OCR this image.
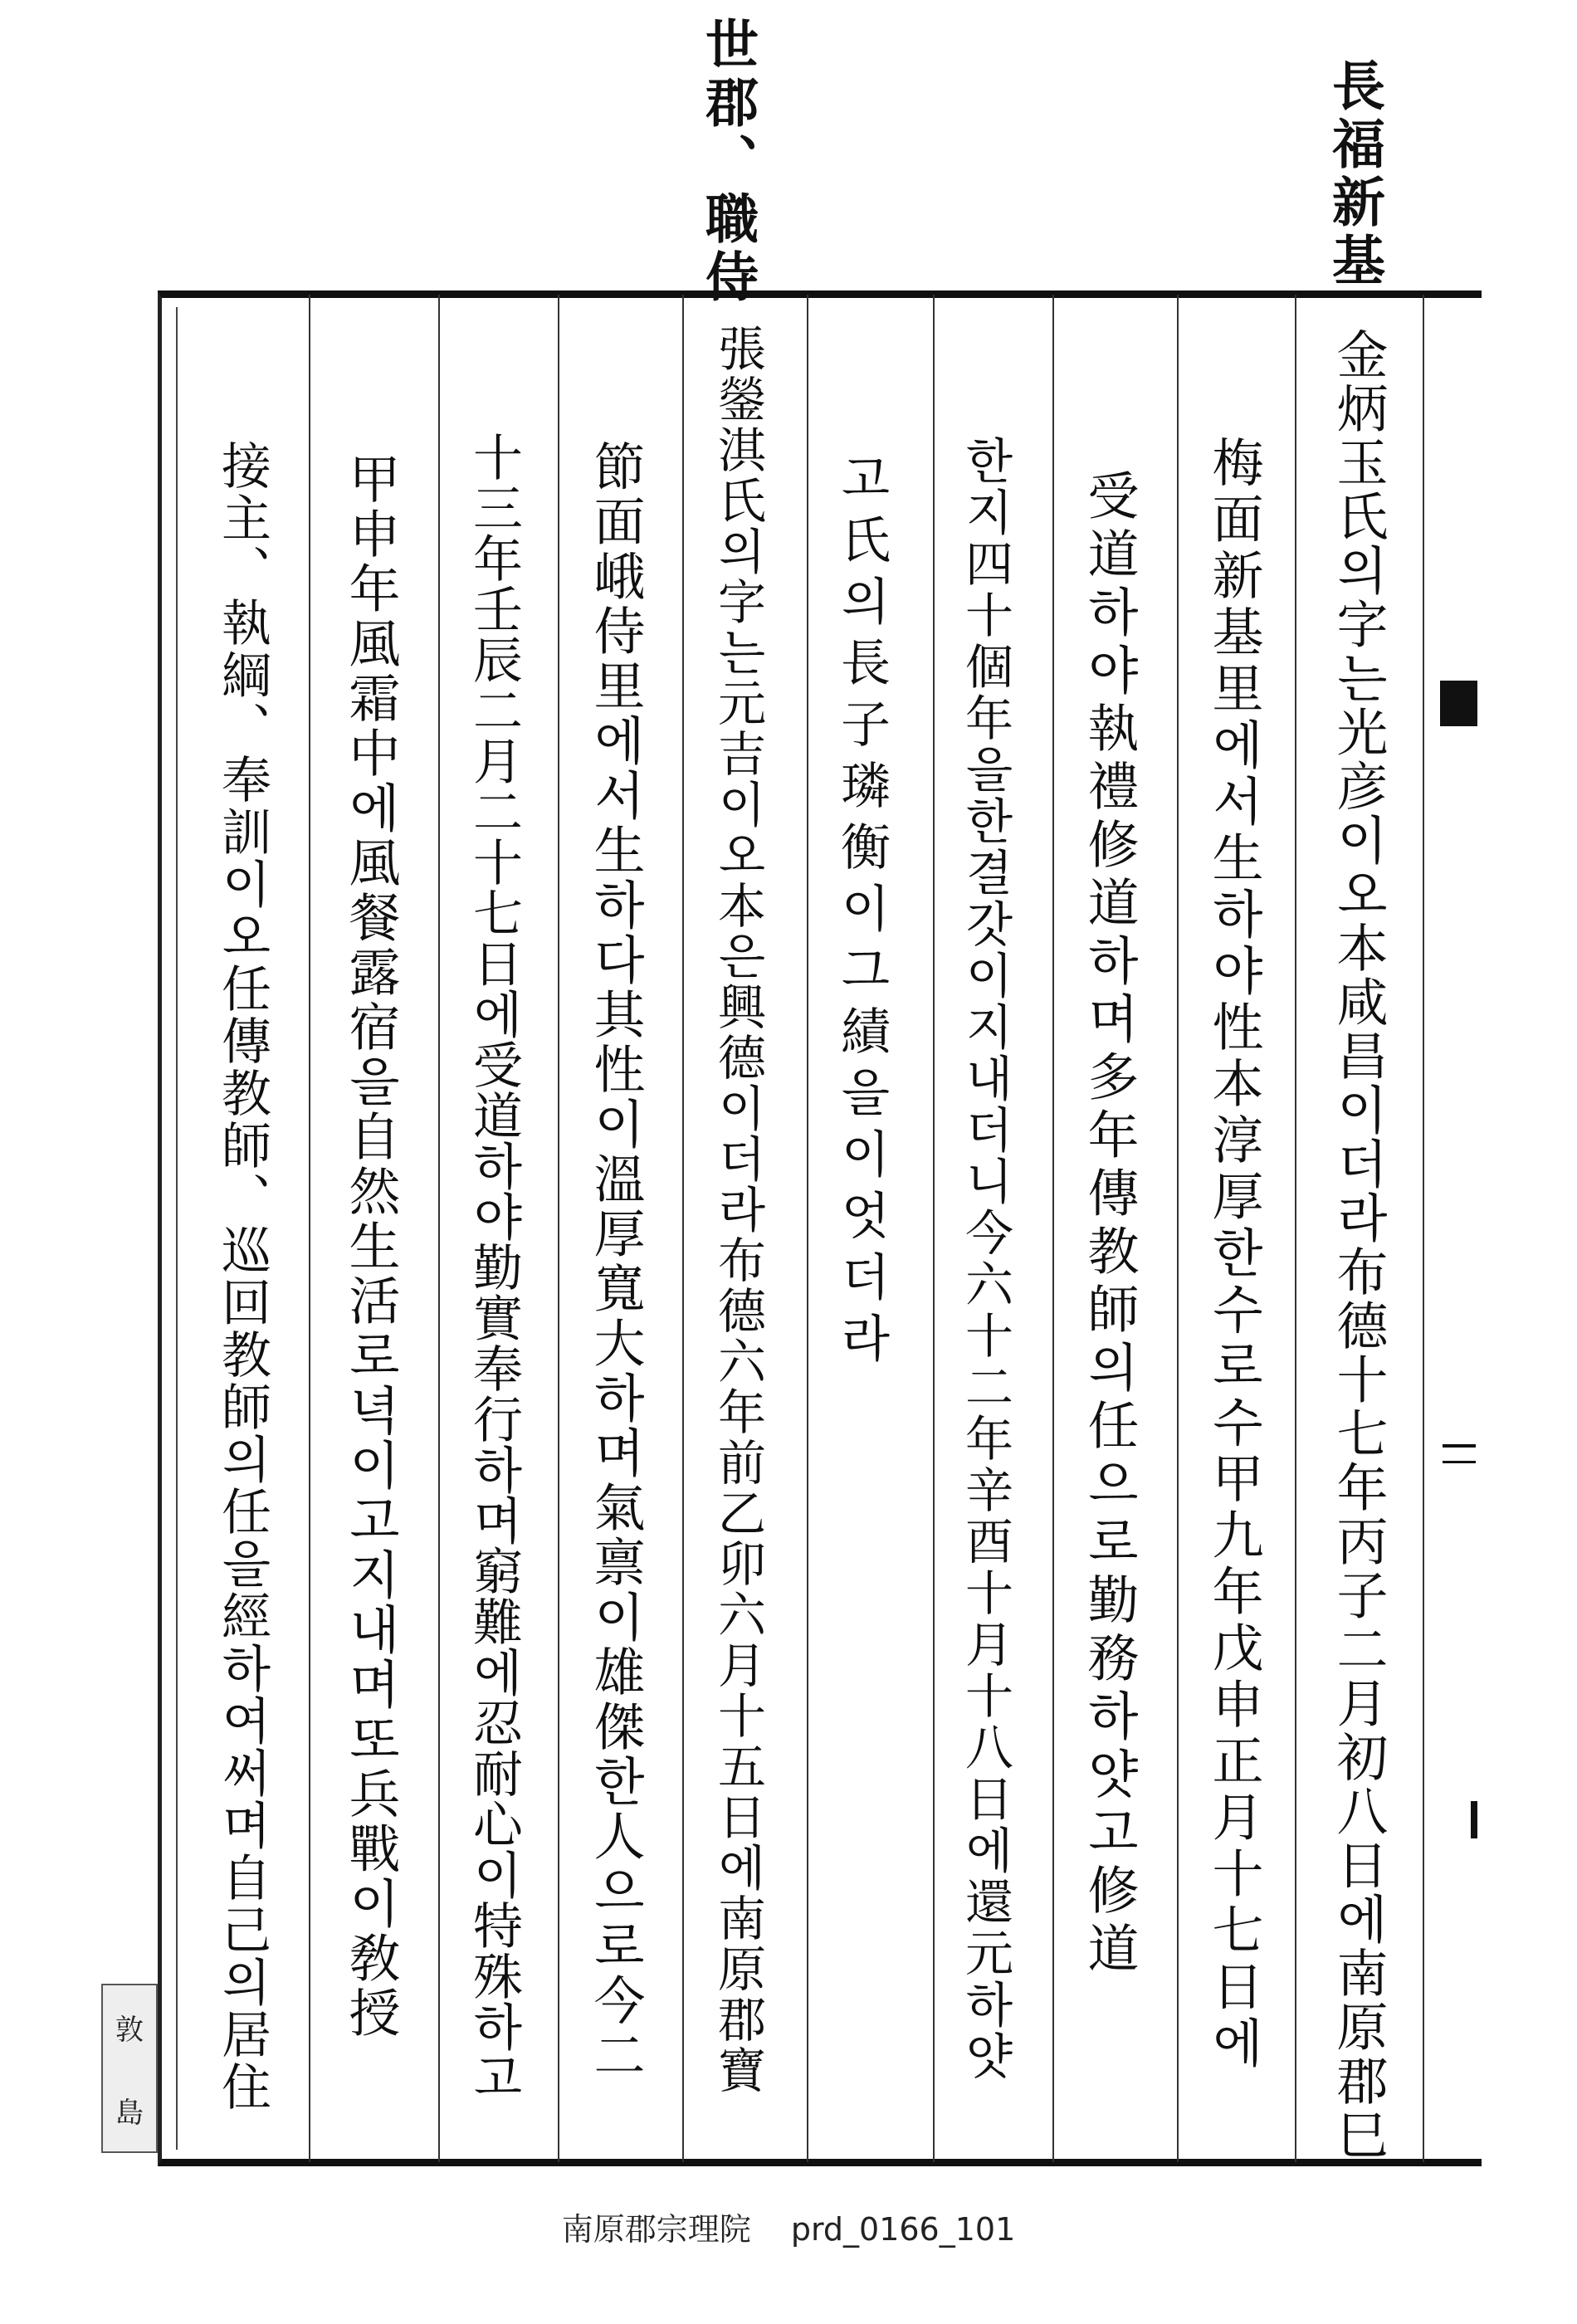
世郡、職侍	長福新基
金炳玉氏의字는光彦이오本咸昌이더라布德十七年丙子二月初八日에南原郡巳
梅面新基里에서生하야性本淳厚한수로수甲九年戊申正月十七日에
受道하야執禮修道하며多年傳教師의任으로勤務하얏고修道
한지四十個年을한결갓이지내더니今六十二年辛酉十月十八日에還元하얏
고氏의長子璘衡이그績을이엇더라
張鎣淇氏의字는元吉이오本은興德이더라布德六年前乙卯六月十五日에南原郡寶
節面峨侍里에서生하다其性이溫厚寬大하며氣禀이雄傑한人으로今二
十三年壬辰二月二十七日에受道하야勤實奉行하며窮難에忍耐心이特殊하고
甲申年風霜中에風餐露宿을自然生活로녁이고지내며또兵戰이敎授
接主、執綱、奉訓이오任傳教師、巡回教師의任을經하여써며自己의居住
敦
島
南原郡宗理院 prd_0166_101
